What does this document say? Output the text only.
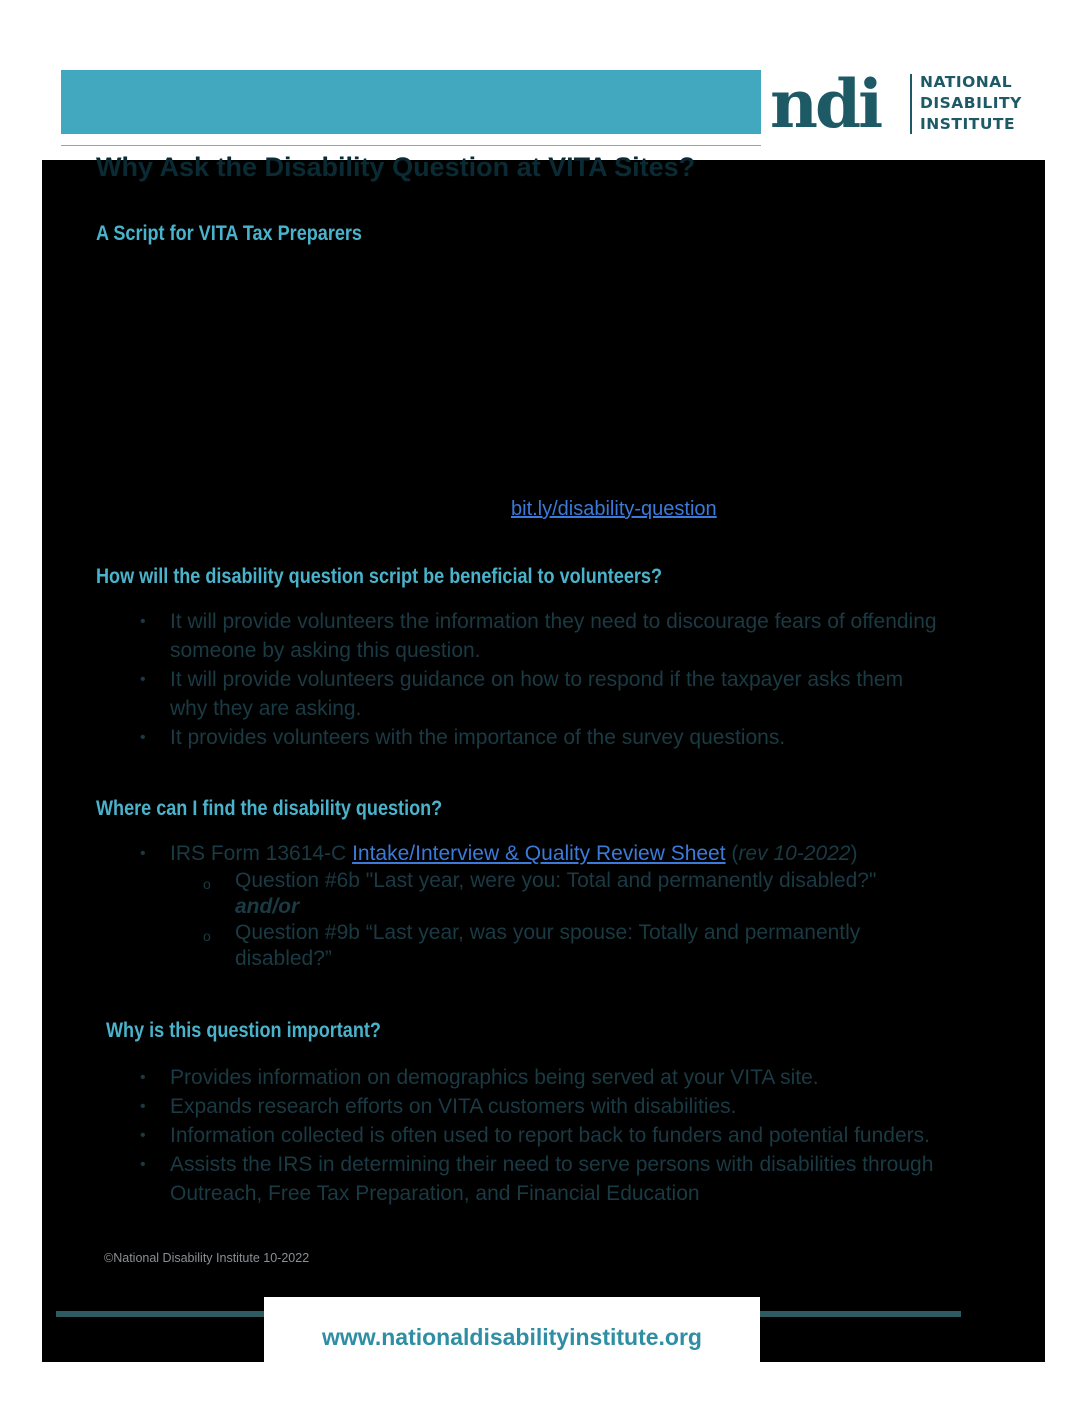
ndi	NATIONAL
DISABILITY
INSTITUTE
Why Ask the Disability Question at VITA Sites?
A Script for VITA Tax Preparers
bit.ly/disability-question
How will the disability question script be beneficial to volunteers?
• It will provide volunteers the information they need to discourage fears of offending someone by asking this question.
• It will provide volunteers guidance on how to respond if the taxpayer asks them why they are asking.
• It provides volunteers with the importance of the survey questions.
Where can I find the disability question?
• IRS Form 13614-C Intake/Interview & Quality Review Sheet (rev 10-2022)
o Question #6b "Last year, were you: Total and permanently disabled?"
and/or
o Question #9b “Last year, was your spouse: Totally and permanently disabled?”
Why is this question important?
• Provides information on demographics being served at your VITA site.
• Expands research efforts on VITA customers with disabilities.
• Information collected is often used to report back to funders and potential funders.
• Assists the IRS in determining their need to serve persons with disabilities through Outreach, Free Tax Preparation, and Financial Education
©National Disability Institute 10-2022
www.nationaldisabilityinstitute.org
